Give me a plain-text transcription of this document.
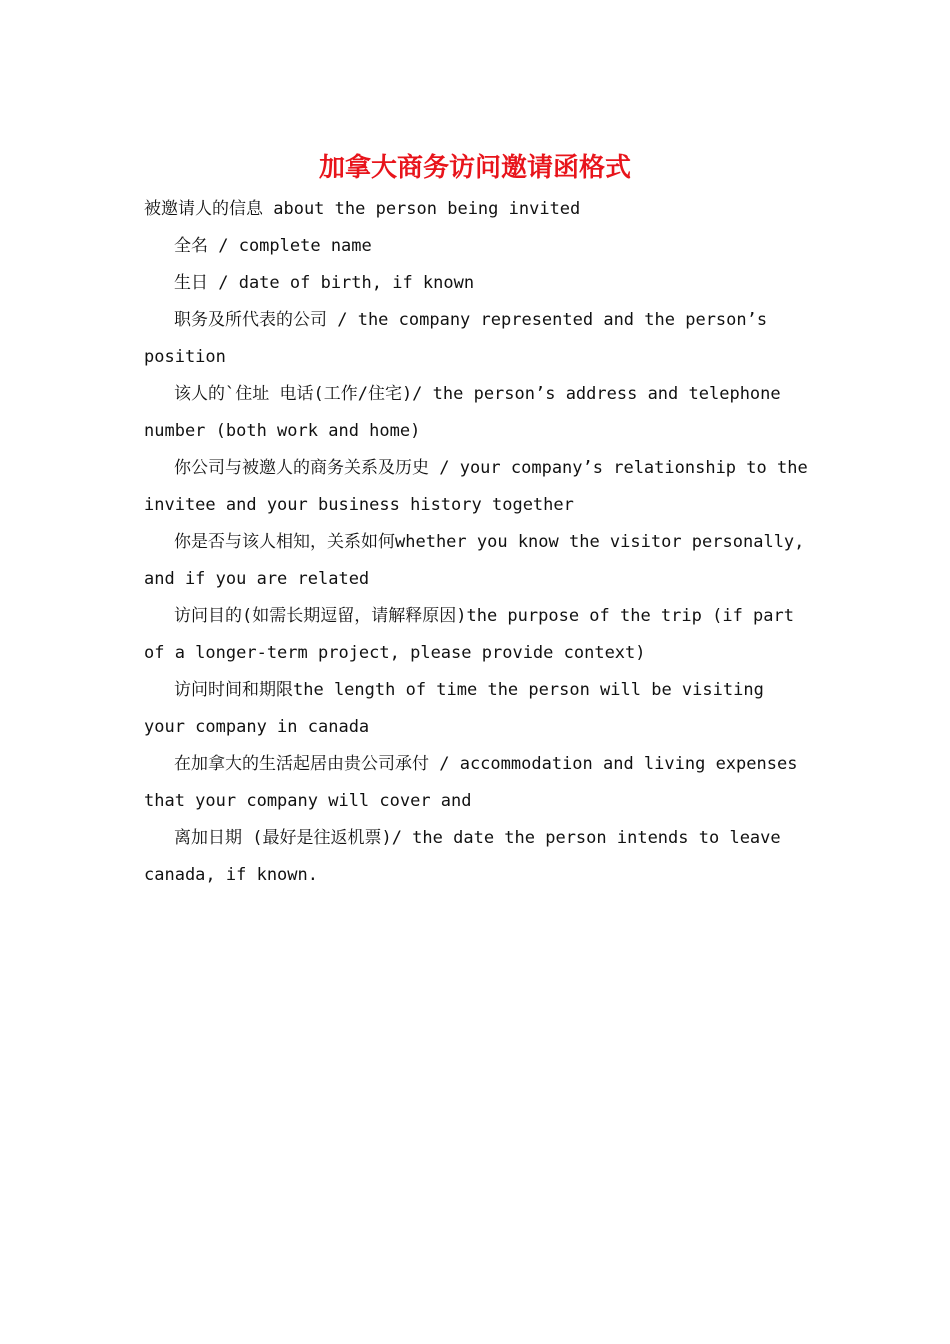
加拿大商务访问邀请函格式

被邀请人的信息 about the person being invited

全名 / complete name

生日 / date of birth, if known

职务及所代表的公司 / the company represented and the person’s position

该人的`住址 电话(工作/住宅)/ the person’s address and telephone number (both work and home)

你公司与被邀人的商务关系及历史 / your company’s relationship to the invitee and your business history together

你是否与该人相知，关系如何whether you know the visitor personally, and if you are related

访问目的(如需长期逗留，请解释原因)the purpose of the trip (if part of a longer-term project, please provide context)

访问时间和期限the length of time the person will be visiting your company in canada

在加拿大的生活起居由贵公司承付 / accommodation and living expenses that your company will cover and

离加日期 (最好是往返机票)/ the date the person intends to leave canada, if known.
